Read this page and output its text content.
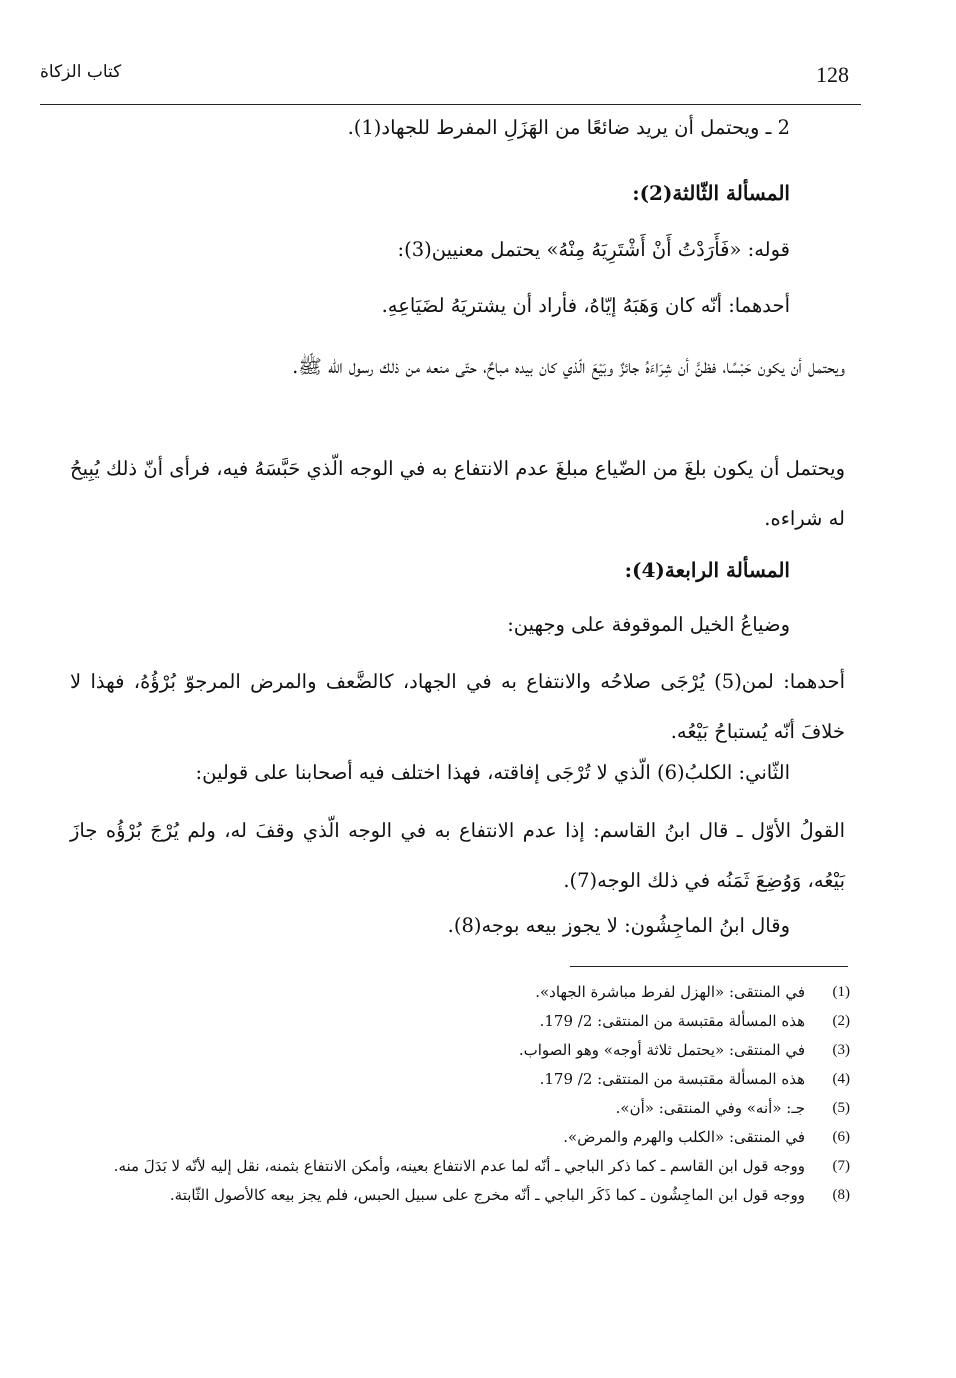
128
كتاب الزكاة

2 ـ ويحتمل أن يريد ضائعًا من الهَزَلِ المفرط للجهاد(1).

المسألة الثّالثة(2):

قوله: «فَأَرَدْتُ أَنْ أَشْتَرِيَهُ مِنْهُ» يحتمل معنيين(3):

أحدهما: أنّه كان وَهَبَهُ إيّاهُ، فأراد أن يشتريَهُ لضَيَاعِهِ.

ويحتمل أن يكون حَبْسًا، فظنَّ أن شِرَاءَهُ جائزٌ وبَيْعَ الّذي كان بيده مباحٌ، حتّى منعه من ذلك رسول الله ﷺ.

ويحتمل أن يكون بلغَ من الضّياع مبلغَ عدم الانتفاع به في الوجه الّذي حَبَّسَهُ فيه، فرأى أنّ ذلك يُبِيحُ له شراءه.

المسألة الرابعة(4):

وضياعُ الخيل الموقوفة على وجهين:

أحدهما: لمن(5) يُرْجَى صلاحُه والانتفاع به في الجهاد، كالضَّعف والمرض المرجوّ بُرْؤُهُ، فهذا لا خلافَ أنّه يُستباحُ بَيْعُه.

الثّاني: الكلبُ(6) الّذي لا تُرْجَى إفاقته، فهذا اختلف فيه أصحابنا على قولين:

القولُ الأوّل ـ قال ابنُ القاسم: إذا عدم الانتفاع به في الوجه الّذي وقفَ له، ولم يُرْجَ بُرْؤُه جازَ بَيْعُه، وَوُضِعَ ثَمَنُه في ذلك الوجه(7).

وقال ابنُ الماجِشُون: لا يجوز بيعه بوجه(8).

(1)
في المنتقى: «الهزل لفرط مباشرة الجهاد».
(2)
هذه المسألة مقتبسة من المنتقى: 2/ 179.
(3)
في المنتقى: «يحتمل ثلاثة أوجه» وهو الصواب.
(4)
هذه المسألة مقتبسة من المنتقى: 2/ 179.
(5)
جـ: «أنه» وفي المنتقى: «أن».
(6)
في المنتقى: «الكلب والهرم والمرض».
(7)
ووجه قول ابن القاسم ـ كما ذكر الباجي ـ أنّه لما عدم الانتفاع بعينه، وأمكن الانتفاع بثمنه، نقل إليه لأنّه لا بَدَلَ منه.
(8)
ووجه قول ابن الماجِشُون ـ كما ذَكَر الباجي ـ أنّه مخرج على سبيل الحبس، فلم يجز بيعه كالأصول الثّابتة.
